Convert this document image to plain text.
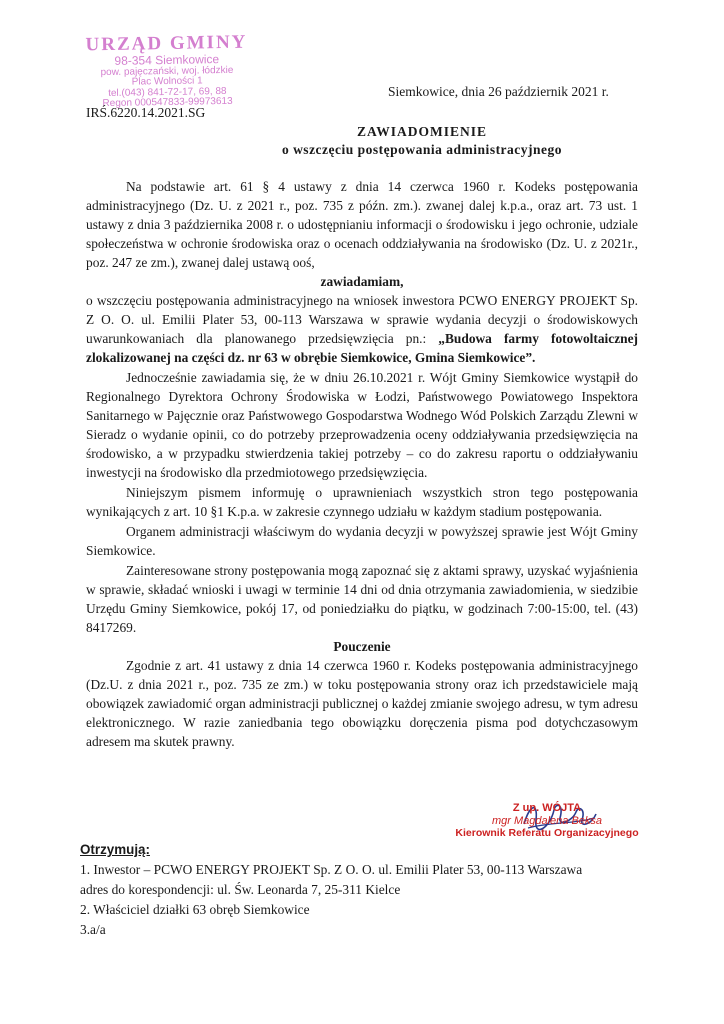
URZĄD GMINY
98-354 Siemkowice
pow. pajęczański, woj. łódzkie
Plac Wolności 1
tel.(043) 841-72-17, 69, 88
Regon 000547833-99973613
Siemkowice, dnia 26 październik 2021 r.
IRŚ.6220.14.2021.SG
ZAWIADOMIENIE
o wszczęciu postępowania administracyjnego

Na podstawie art. 61 § 4 ustawy z dnia 14 czerwca 1960 r. Kodeks postępowania administracyjnego (Dz. U. z 2021 r., poz. 735 z późn. zm.). zwanej dalej k.p.a., oraz art. 73 ust. 1 ustawy z dnia 3 października 2008 r. o udostępnianiu informacji o środowisku i jego ochronie, udziale społeczeństwa w ochronie środowiska oraz o ocenach oddziaływania na środowisko (Dz. U. z 2021r., poz. 247 ze zm.), zwanej dalej ustawą ooś,

zawiadamiam,

o wszczęciu postępowania administracyjnego na wniosek inwestora PCWO ENERGY PROJEKT Sp. Z O. O. ul. Emilii Plater 53, 00-113 Warszawa w sprawie wydania decyzji o środowiskowych uwarunkowaniach dla planowanego przedsięwzięcia pn.: „Budowa farmy fotowoltaicznej zlokalizowanej na części dz. nr 63 w obrębie Siemkowice, Gmina Siemkowice”.

Jednocześnie zawiadamia się, że w dniu 26.10.2021 r. Wójt Gminy Siemkowice wystąpił do Regionalnego Dyrektora Ochrony Środowiska w Łodzi, Państwowego Powiatowego Inspektora Sanitarnego w Pajęcznie oraz Państwowego Gospodarstwa Wodnego Wód Polskich Zarządu Zlewni w Sieradz o wydanie opinii, co do potrzeby przeprowadzenia oceny oddziaływania przedsięwzięcia na środowisko, a w przypadku stwierdzenia takiej potrzeby – co do zakresu raportu o oddziaływaniu inwestycji na środowisko dla przedmiotowego przedsięwzięcia.

Niniejszym pismem informuję o uprawnieniach wszystkich stron tego postępowania wynikających z art. 10 §1 K.p.a. w zakresie czynnego udziału w każdym stadium postępowania.

Organem administracji właściwym do wydania decyzji w powyższej sprawie jest Wójt Gminy Siemkowice.

Zainteresowane strony postępowania mogą zapoznać się z aktami sprawy, uzyskać wyjaśnienia w sprawie, składać wnioski i uwagi w terminie 14 dni od dnia otrzymania zawiadomienia, w siedzibie Urzędu Gminy Siemkowice, pokój 17, od poniedziałku do piątku, w godzinach 7:00-15:00, tel. (43) 8417269.

Pouczenie

Zgodnie z art. 41 ustawy z dnia 14 czerwca 1960 r. Kodeks postępowania administracyjnego (Dz.U. z dnia 2021 r., poz. 735 ze zm.) w toku postępowania strony oraz ich przedstawiciele mają obowiązek zawiadomić organ administracji publicznej o każdej zmianie swojego adresu, w tym adresu elektronicznego. W razie zaniedbania tego obowiązku doręczenia pisma pod dotychczasowym adresem ma skutek prawny.

Z up. WÓJTA
mgr Magdalena Beksa
Kierownik Referatu Organizacyjnego
Otrzymują:
1. Inwestor – PCWO ENERGY PROJEKT Sp. Z O. O. ul. Emilii Plater 53, 00-113 Warszawa
adres do korespondencji: ul. Św. Leonarda 7, 25-311 Kielce
2. Właściciel działki 63 obręb Siemkowice
3.a/a
